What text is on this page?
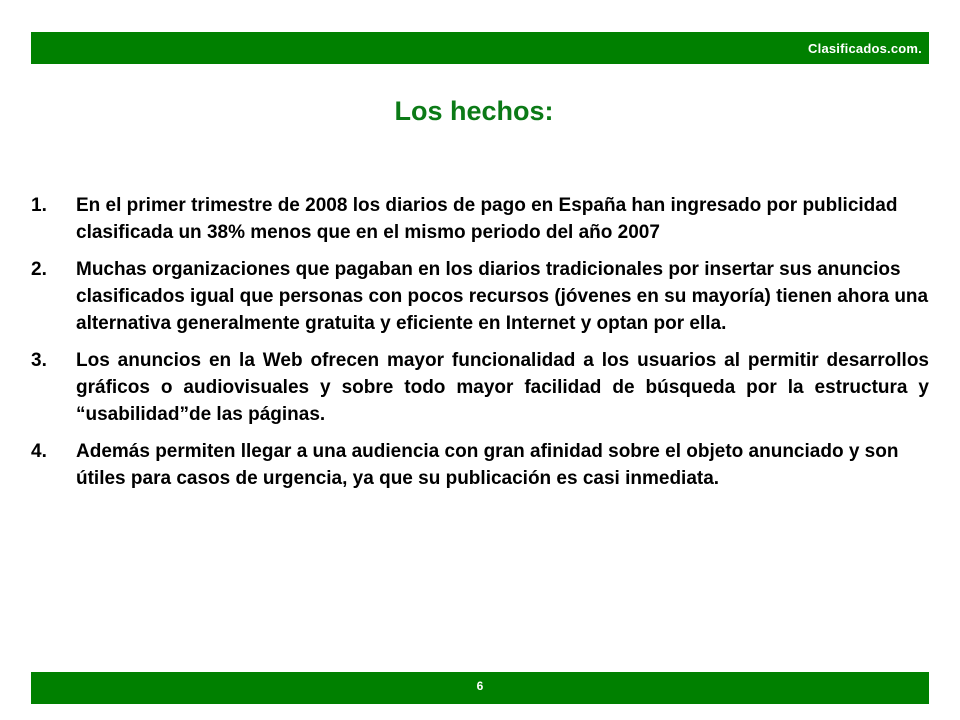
Clasificados.com.
Los hechos:
1. En el primer trimestre de 2008 los diarios de pago en España han ingresado por publicidad clasificada un 38% menos que en el mismo periodo del año 2007
2. Muchas organizaciones que pagaban en los diarios tradicionales por insertar sus anuncios clasificados igual que personas con pocos recursos (jóvenes en su mayoría) tienen ahora una alternativa generalmente gratuita y eficiente en Internet y optan por ella.
3. Los anuncios en la Web ofrecen mayor funcionalidad a los usuarios al permitir desarrollos gráficos o audiovisuales y sobre todo mayor facilidad de búsqueda por la estructura y “usabilidad”de las páginas.
4. Además permiten llegar a una audiencia con gran afinidad sobre el objeto anunciado y son útiles para casos de urgencia, ya que su publicación es casi inmediata.
6
